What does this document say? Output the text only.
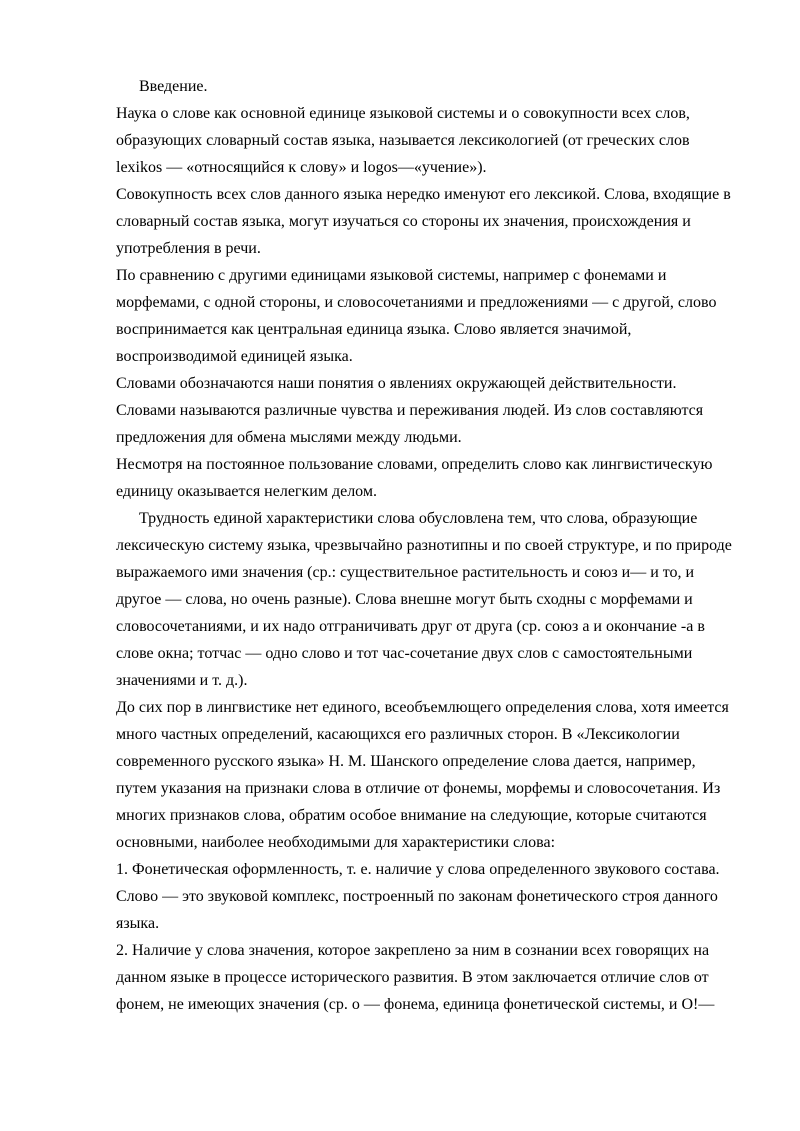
Введение.
Наука о слове как основной единице языковой системы и о совокупности всех слов,
образующих словарный состав языка, называется лексикологией (от греческих слов
lexikos — «относящийся к слову» и logos—«учение»).
Совокупность всех слов данного языка нередко именуют его лексикой. Слова, входящие в
словарный состав языка, могут изучаться со стороны их значения, происхождения и
употребления в речи.
По сравнению с другими единицами языковой системы, например с фонемами и
морфемами, с одной стороны, и словосочетаниями и предложениями — с другой, слово
воспринимается как центральная единица языка. Слово является значимой,
воспроизводимой единицей языка.
Словами обозначаются наши понятия о явлениях окружающей действительности.
Словами называются различные чувства и переживания людей. Из слов составляются
предложения для обмена мыслями между людьми.
Несмотря на постоянное пользование словами, определить слово как лингвистическую
единицу оказывается нелегким делом.
Трудность единой характеристики слова обусловлена тем, что слова, образующие
лексическую систему языка, чрезвычайно разнотипны и по своей структуре, и по природе
выражаемого ими значения (ср.: существительное растительность и союз и— и то, и
другое — слова, но очень разные). Слова внешне могут быть сходны с морфемами и
словосочетаниями, и их надо отграничивать друг от друга (ср. союз а и окончание -а в
слове окна; тотчас — одно слово и тот час-сочетание двух слов с самостоятельными
значениями и т. д.).
До сих пор в лингвистике нет единого, всеобъемлющего определения слова, хотя имеется
много частных определений, касающихся его различных сторон. В «Лексикологии
современного русского языка» Н. М. Шанского определение слова дается, например,
путем указания на признаки слова в отличие от фонемы, морфемы и словосочетания. Из
многих признаков слова, обратим особое внимание на следующие, которые считаются
основными, наиболее необходимыми для характеристики слова:
1. Фонетическая оформленность, т. е. наличие у слова определенного звукового состава.
Слово — это звуковой комплекс, построенный по законам фонетического строя данного
языка.
2. Наличие у слова значения, которое закреплено за ним в сознании всех говорящих на
данном языке в процессе исторического развития. В этом заключается отличие слов от
фонем, не имеющих значения (ср. о — фонема, единица фонетической системы, и О!—
